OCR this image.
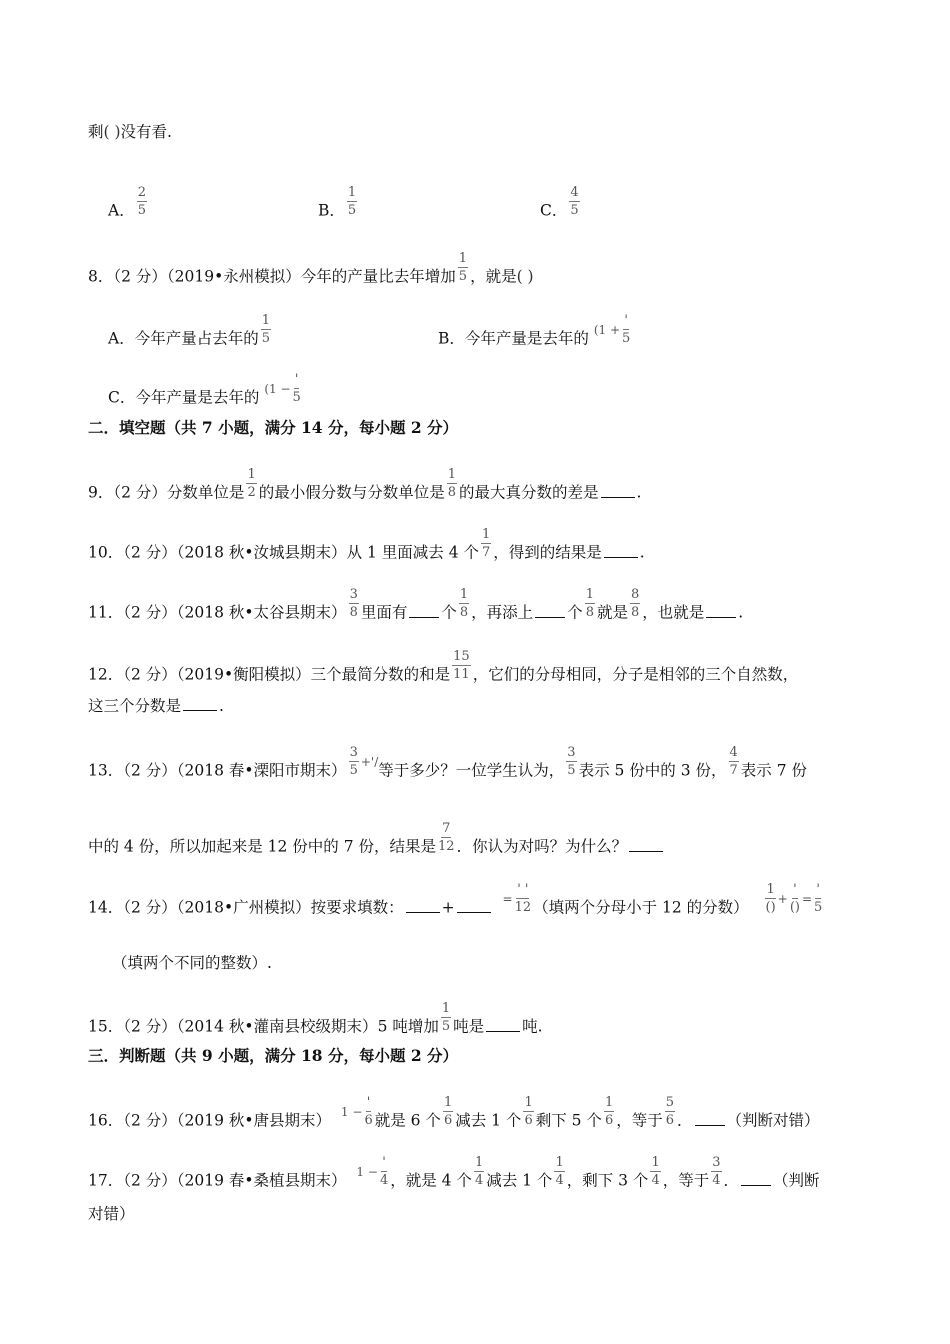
剩( )没有看.
A． $\frac{2}{5}$	B． $\frac{1}{5}$	C． $\frac{4}{5}$
8．（2 分）（2019•永州模拟）今年的产量比去年增加 $\frac{1}{5}$ ，就是( )
A．今年产量占去年的 $\frac{1}{5}$	B．今年产量是去年的 $^{(1 +} \frac{'}{5}$
C．今年产量是去年的 $^{(1 -} \frac{'}{5}$
二．填空题（共 7 小题，满分 14 分，每小题 2 分）
9．（2 分）分数单位是 $\frac{1}{2}$ 的最小假分数与分数单位是 $\frac{1}{8}$ 的最大真分数的差是 .
10．（2 分）（2018 秋•汝城县期末）从 1 里面减去 4 个 $\frac{1}{7}$ ，得到的结果是 .
11．（2 分）（2018 秋•太谷县期末） $\frac{3}{8}$ 里面有 个 $\frac{1}{8}$ ，再添上 个 $\frac{1}{8}$ 就是 $\frac{8}{8}$ ，也就是 .
12．（2 分）（2019•衡阳模拟）三个最简分数的和是 $\frac{15}{11}$ ，它们的分母相同，分子是相邻的三个自然数，
这三个分数是 .
13．（2 分）（2018 春•溧阳市期末） $\frac{3}{5} ^{+'/}$等于多少？一位学生认为， $\frac{3}{5}$ 表示 5 份中的 3 份， $\frac{4}{7}$ 表示 7 份
中的 4 份，所以加起来是 12 份中的 7 份，结果是 $\frac{7}{12}$ ．你认为对吗？为什么？
14．（2 分）（2018•广州模拟）按要求填数： +	$^= \frac{' '}{12}$ （填两个分母小于 12 的分数） $\frac{1}{()} ^+ \frac{'}{()} ^= \frac{'}{5}$
（填两个不同的整数）.
15．（2 分）（2014 秋•灌南县校级期末）5 吨增加 $\frac{1}{5}$ 吨是 吨.
三．判断题（共 9 小题，满分 18 分，每小题 2 分）
16．（2 分）（2019 秋•唐县期末） $^{1 -} \frac{'}{6}$ 就是 6 个 $\frac{1}{6}$ 减去 1 个 $\frac{1}{6}$ 剩下 5 个 $\frac{1}{6}$ ，等于 $\frac{5}{6}$ ． （判断对错）
17．（2 分）（2019 春•桑植县期末） $^{1 -} \frac{'}{4}$ ，就是 4 个 $\frac{1}{4}$ 减去 1 个 $\frac{1}{4}$ ，剩下 3 个 $\frac{1}{4}$ ，等于 $\frac{3}{4}$ ． （判断
对错）
